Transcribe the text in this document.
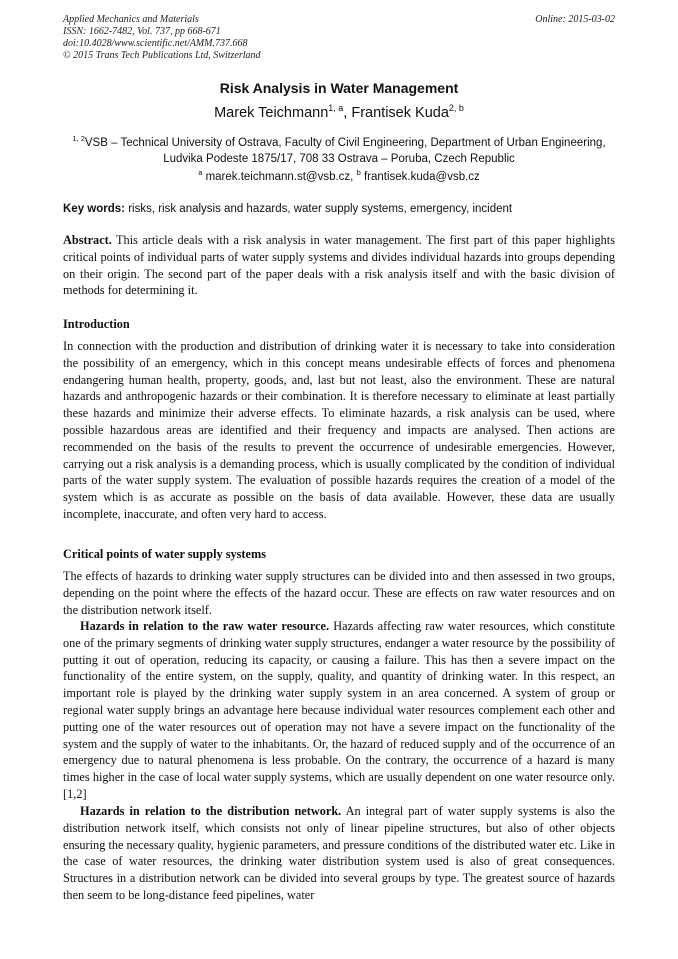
Applied Mechanics and Materials
ISSN: 1662-7482, Vol. 737, pp 668-671
doi:10.4028/www.scientific.net/AMM.737.668
© 2015 Trans Tech Publications Ltd, Switzerland
Online: 2015-03-02
Risk Analysis in Water Management
Marek Teichmann$^{1, a}$, Frantisek Kuda$^{2, b}$
$^{1, 2}$VSB – Technical University of Ostrava, Faculty of Civil Engineering, Department of Urban Engineering, Ludvika Podeste 1875/17, 708 33 Ostrava – Poruba, Czech Republic
$^a$ marek.teichmann.st@vsb.cz, $^b$ frantisek.kuda@vsb.cz
Key words: risks, risk analysis and hazards, water supply systems, emergency, incident

Abstract. This article deals with a risk analysis in water management. The first part of this paper highlights critical points of individual parts of water supply systems and divides individual hazards into groups depending on their origin. The second part of the paper deals with a risk analysis itself and with the basic division of methods for determining it.

Introduction

In connection with the production and distribution of drinking water it is necessary to take into consideration the possibility of an emergency, which in this concept means undesirable effects of forces and phenomena endangering human health, property, goods, and, last but not least, also the environment. These are natural hazards and anthropogenic hazards or their combination. It is therefore necessary to eliminate at least partially these hazards and minimize their adverse effects. To eliminate hazards, a risk analysis can be used, where possible hazardous areas are identified and their frequency and impacts are analysed. Then actions are recommended on the basis of the results to prevent the occurrence of undesirable emergencies. However, carrying out a risk analysis is a demanding process, which is usually complicated by the condition of individual parts of the water supply system. The evaluation of possible hazards requires the creation of a model of the system which is as accurate as possible on the basis of data available. However, these data are usually incomplete, inaccurate, and often very hard to access.

Critical points of water supply systems

The effects of hazards to drinking water supply structures can be divided into and then assessed in two groups, depending on the point where the effects of the hazard occur. These are effects on raw water resources and on the distribution network itself.

Hazards in relation to the raw water resource. Hazards affecting raw water resources, which constitute one of the primary segments of drinking water supply structures, endanger a water resource by the possibility of putting it out of operation, reducing its capacity, or causing a failure. This has then a severe impact on the functionality of the entire system, on the supply, quality, and quantity of drinking water. In this respect, an important role is played by the drinking water supply system in an area concerned. A system of group or regional water supply brings an advantage here because individual water resources complement each other and putting one of the water resources out of operation may not have a severe impact on the functionality of the system and the supply of water to the inhabitants. Or, the hazard of reduced supply and of the occurrence of an emergency due to natural phenomena is less probable. On the contrary, the occurrence of a hazard is many times higher in the case of local water supply systems, which are usually dependent on one water resource only. [1,2]

Hazards in relation to the distribution network. An integral part of water supply systems is also the distribution network itself, which consists not only of linear pipeline structures, but also of other objects ensuring the necessary quality, hygienic parameters, and pressure conditions of the distributed water etc. Like in the case of water resources, the drinking water distribution system used is also of great consequences. Structures in a distribution network can be divided into several groups by type. The greatest source of hazards then seem to be long-distance feed pipelines, water
